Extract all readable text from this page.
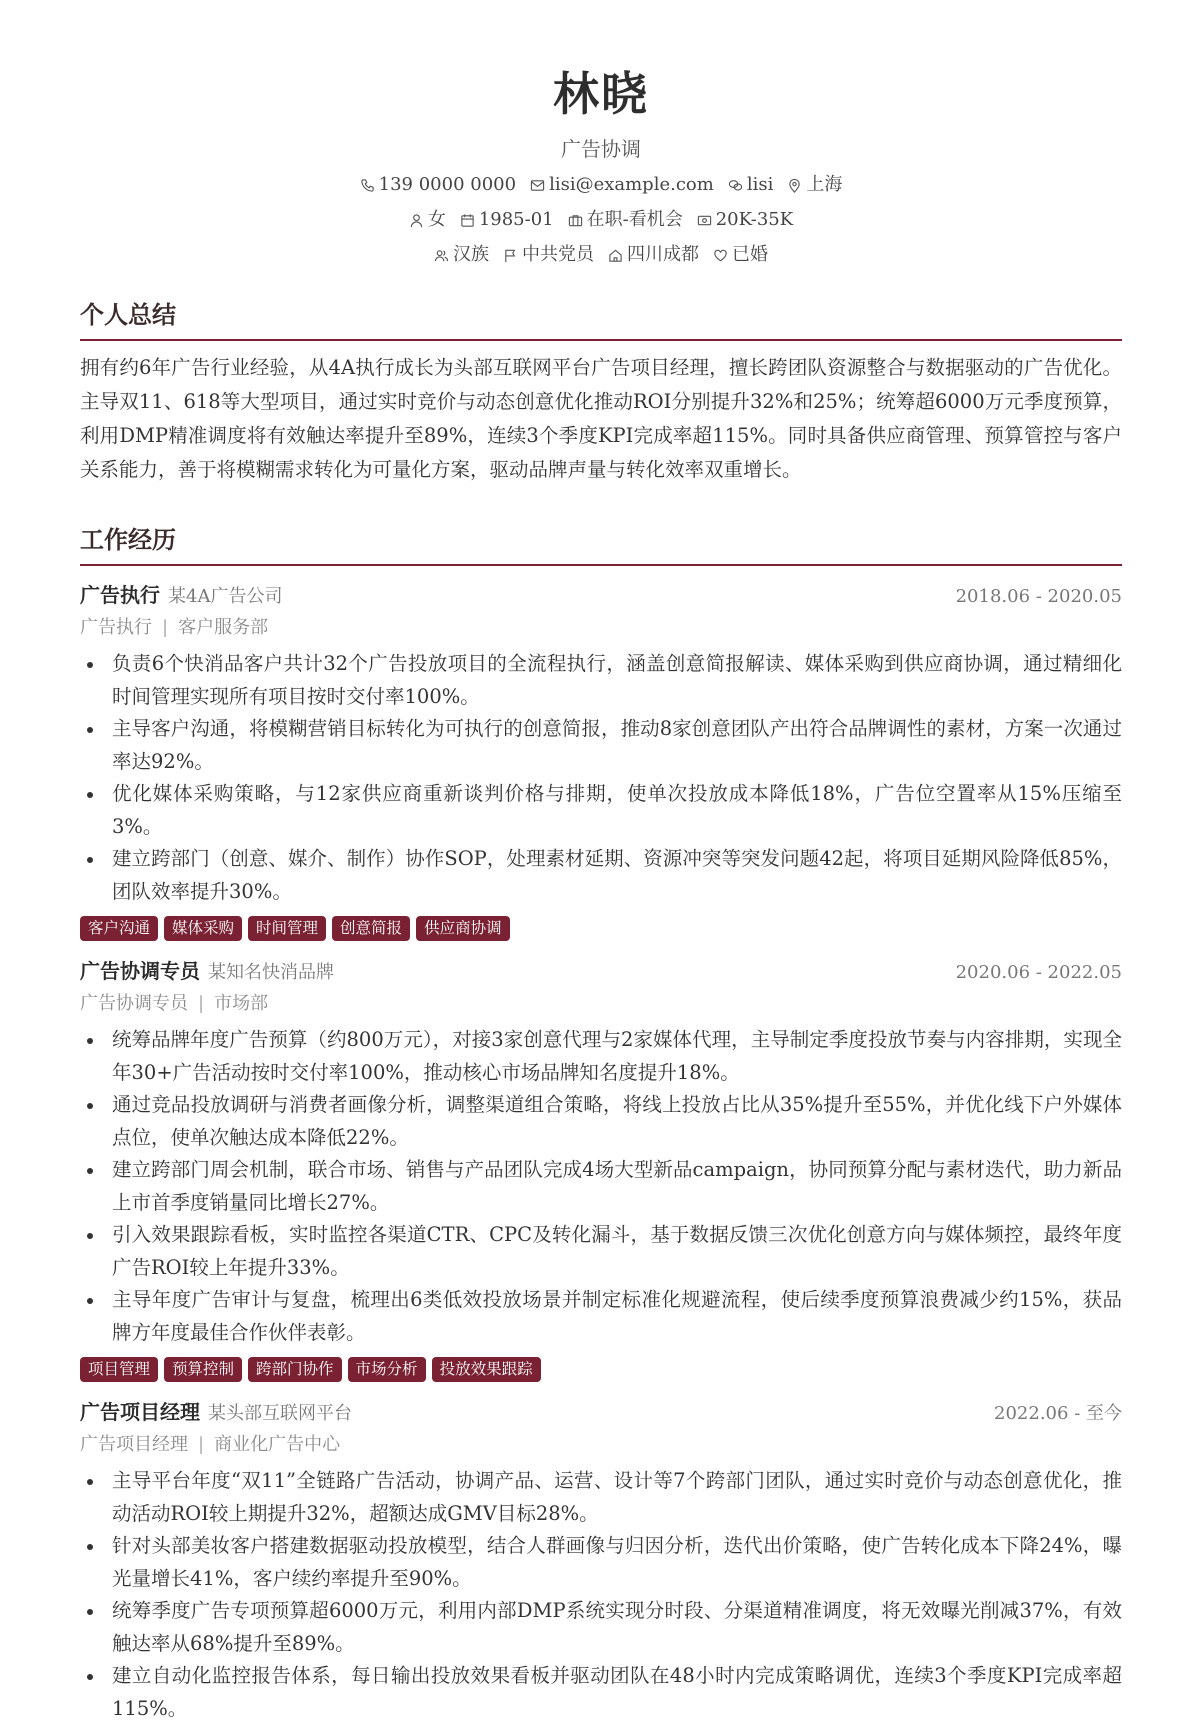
林晓
广告协调
139 0000 0000 lisi@example.com lisi 上海
女 1985-01 在职-看机会 20K-35K
汉族 中共党员 四川成都 已婚
个人总结
拥有约6年广告行业经验，从4A执行成长为头部互联网平台广告项目经理，擅长跨团队资源整合与数据驱动的广告优化。主导双11、618等大型项目，通过实时竞价与动态创意优化推动ROI分别提升32%和25%；统筹超6000万元季度预算，利用DMP精准调度将有效触达率提升至89%，连续3个季度KPI完成率超115%。同时具备供应商管理、预算管控与客户关系能力，善于将模糊需求转化为可量化方案，驱动品牌声量与转化效率双重增长。
工作经历
广告执行 某4A广告公司	2018.06 - 2020.05
广告执行 | 客户服务部
负责6个快消品客户共计32个广告投放项目的全流程执行，涵盖创意简报解读、媒体采购到供应商协调，通过精细化时间管理实现所有项目按时交付率100%。
主导客户沟通，将模糊营销目标转化为可执行的创意简报，推动8家创意团队产出符合品牌调性的素材，方案一次通过率达92%。
优化媒体采购策略，与12家供应商重新谈判价格与排期，使单次投放成本降低18%，广告位空置率从15%压缩至3%。
建立跨部门（创意、媒介、制作）协作SOP，处理素材延期、资源冲突等突发问题42起，将项目延期风险降低85%，团队效率提升30%。
客户沟通	媒体采购	时间管理	创意简报	供应商协调
广告协调专员 某知名快消品牌	2020.06 - 2022.05
广告协调专员 | 市场部
统筹品牌年度广告预算（约800万元），对接3家创意代理与2家媒体代理，主导制定季度投放节奏与内容排期，实现全年30+广告活动按时交付率100%，推动核心市场品牌知名度提升18%。
通过竞品投放调研与消费者画像分析，调整渠道组合策略，将线上投放占比从35%提升至55%，并优化线下户外媒体点位，使单次触达成本降低22%。
建立跨部门周会机制，联合市场、销售与产品团队完成4场大型新品campaign，协同预算分配与素材迭代，助力新品上市首季度销量同比增长27%。
引入效果跟踪看板，实时监控各渠道CTR、CPC及转化漏斗，基于数据反馈三次优化创意方向与媒体频控，最终年度广告ROI较上年提升33%。
主导年度广告审计与复盘，梳理出6类低效投放场景并制定标准化规避流程，使后续季度预算浪费减少约15%，获品牌方年度最佳合作伙伴表彰。
项目管理	预算控制	跨部门协作	市场分析	投放效果跟踪
广告项目经理 某头部互联网平台	2022.06 - 至今
广告项目经理 | 商业化广告中心
主导平台年度“双11”全链路广告活动，协调产品、运营、设计等7个跨部门团队，通过实时竞价与动态创意优化，推动活动ROI较上期提升32%，超额达成GMV目标28%。
针对头部美妆客户搭建数据驱动投放模型，结合人群画像与归因分析，迭代出价策略，使广告转化成本下降24%，曝光量增长41%，客户续约率提升至90%。
统筹季度广告专项预算超6000万元，利用内部DMP系统实现分时段、分渠道精准调度，将无效曝光削减37%，有效触达率从68%提升至89%。
建立自动化监控报告体系，每日输出投放效果看板并驱动团队在48小时内完成策略调优，连续3个季度KPI完成率超115%。
